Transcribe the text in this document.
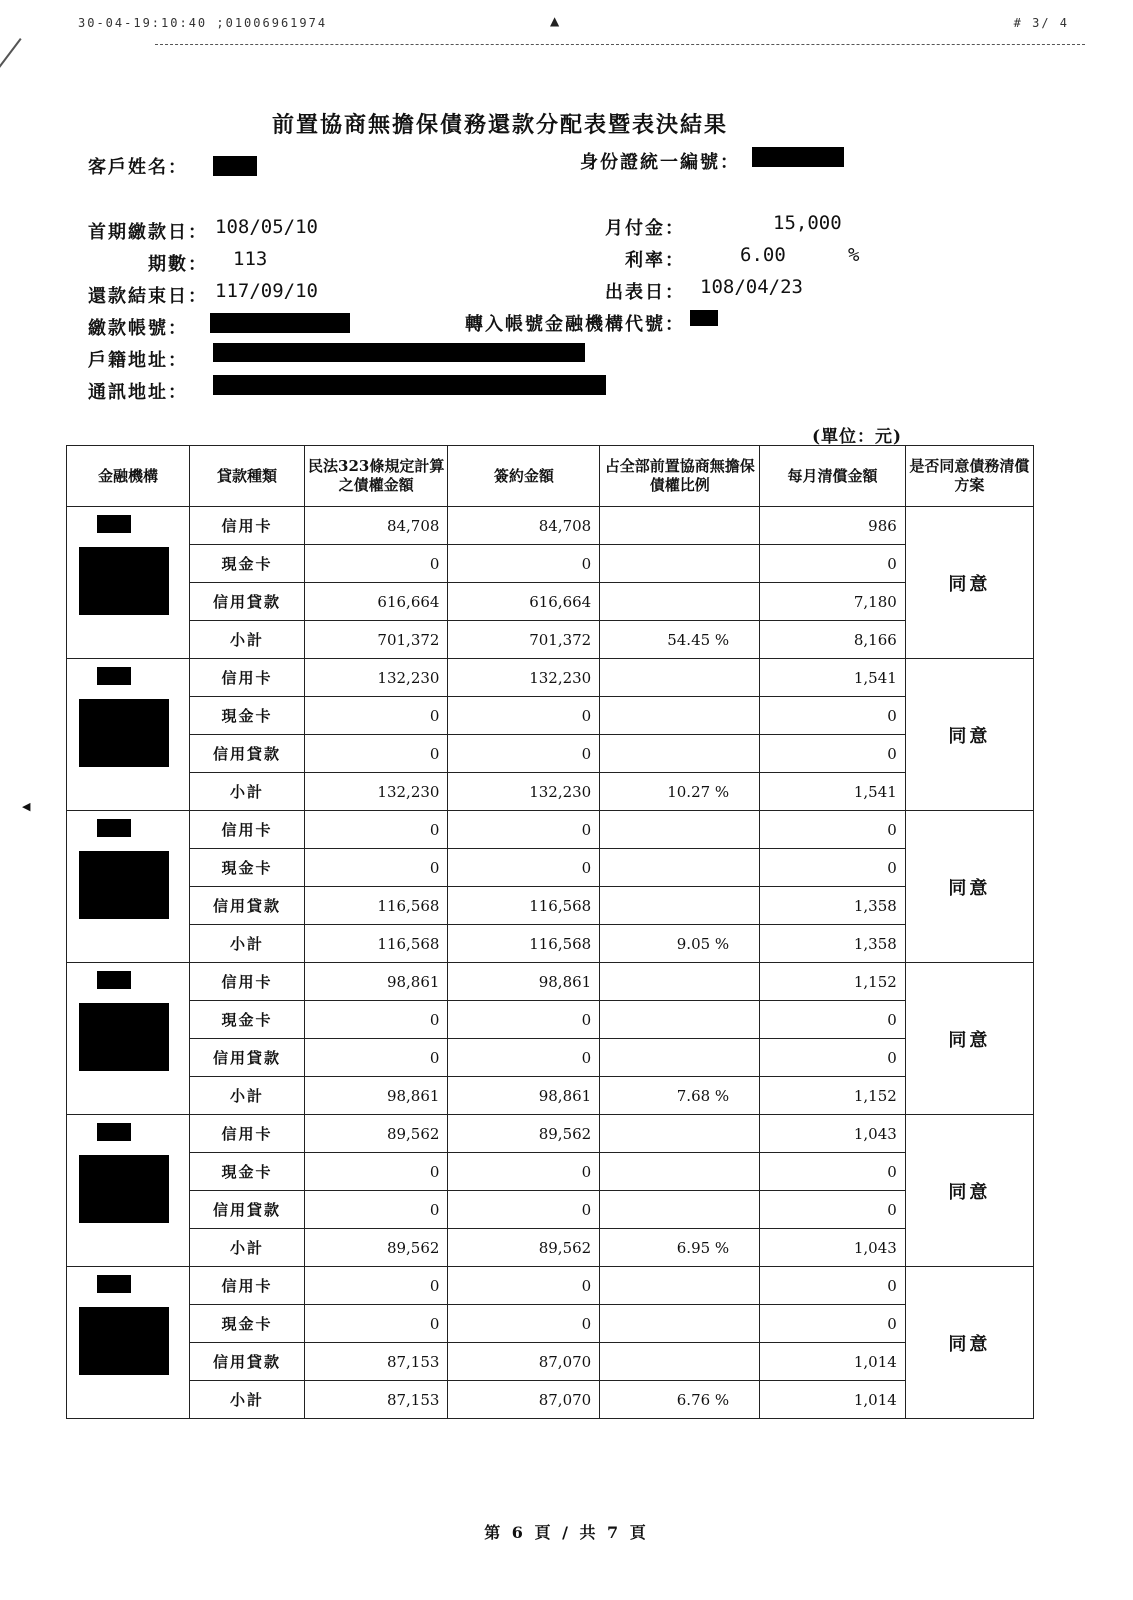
30-04-19:10:40 ;01006961974	▲	# 3/ 4
◀
前置協商無擔保債務還款分配表暨表決結果
客戶姓名：	身份證統一編號：
首期繳款日： 108/05/10
期數： 113
還款結束日： 117/09/10
月付金：	15,000
利率：	6.00	%
出表日： 108/04/23
繳款帳號：	轉入帳號金融機構代號：
戶籍地址：
通訊地址：
(單位：元)
金融機構	貸款種類	民法323條規定計算之債權金額	簽約金額	占全部前置協商無擔保債權比例	每月清償金額	是否同意債務清償方案

	信用卡	84,708	84,708		986	同意
	現金卡	0	0		0	
	信用貸款	616,664	616,664		7,180	
	小計	701,372	701,372	54.45 %	8,166	

	信用卡	132,230	132,230		1,541	同意
	現金卡	0	0		0	
	信用貸款	0	0		0	
	小計	132,230	132,230	10.27 %	1,541	

	信用卡	0	0		0	同意
	現金卡	0	0		0	
	信用貸款	116,568	116,568		1,358	
	小計	116,568	116,568	9.05 %	1,358	

	信用卡	98,861	98,861		1,152	同意
	現金卡	0	0		0	
	信用貸款	0	0		0	
	小計	98,861	98,861	7.68 %	1,152	

	信用卡	89,562	89,562		1,043	同意
	現金卡	0	0		0	
	信用貸款	0	0		0	
	小計	89,562	89,562	6.95 %	1,043	

	信用卡	0	0		0	同意
	現金卡	0	0		0	
	信用貸款	87,153	87,070		1,014	
	小計	87,153	87,070	6.76 %	1,014	
第 6 頁 / 共 7 頁
